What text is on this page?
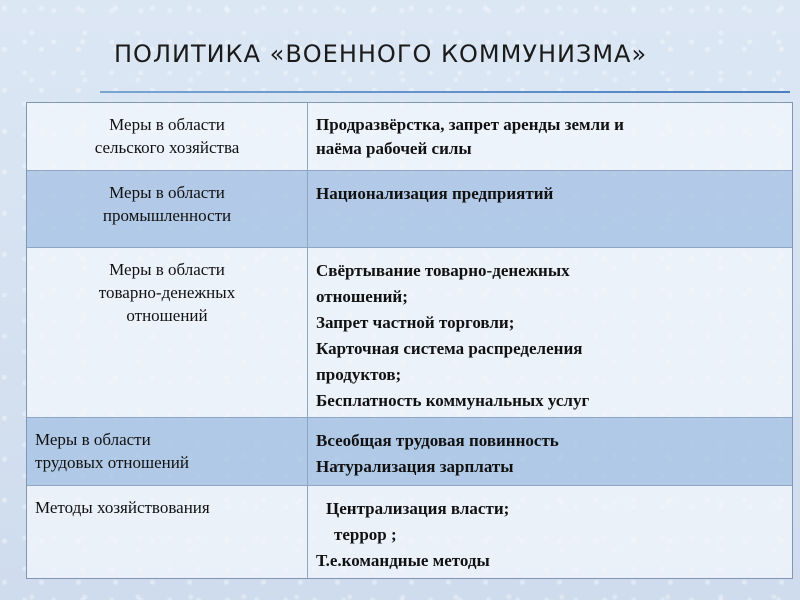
ПОЛИТИКА «ВОЕННОГО КОММУНИЗМА»
Меры в области
сельского хозяйства
Продразвёрстка, запрет аренды земли и
наёма рабочей силы
Меры в области
промышленности
Национализация предприятий
Меры в области
товарно-денежных
отношений
Свёртывание товарно-денежных
отношений;
Запрет частной торговли;
Карточная система распределения
продуктов;
Бесплатность коммунальных услуг
Меры в области
трудовых отношений
Всеобщая трудовая повинность
Натурализация зарплаты
Методы хозяйствования	Централизация власти;
террор ;
Т.е.командные методы
